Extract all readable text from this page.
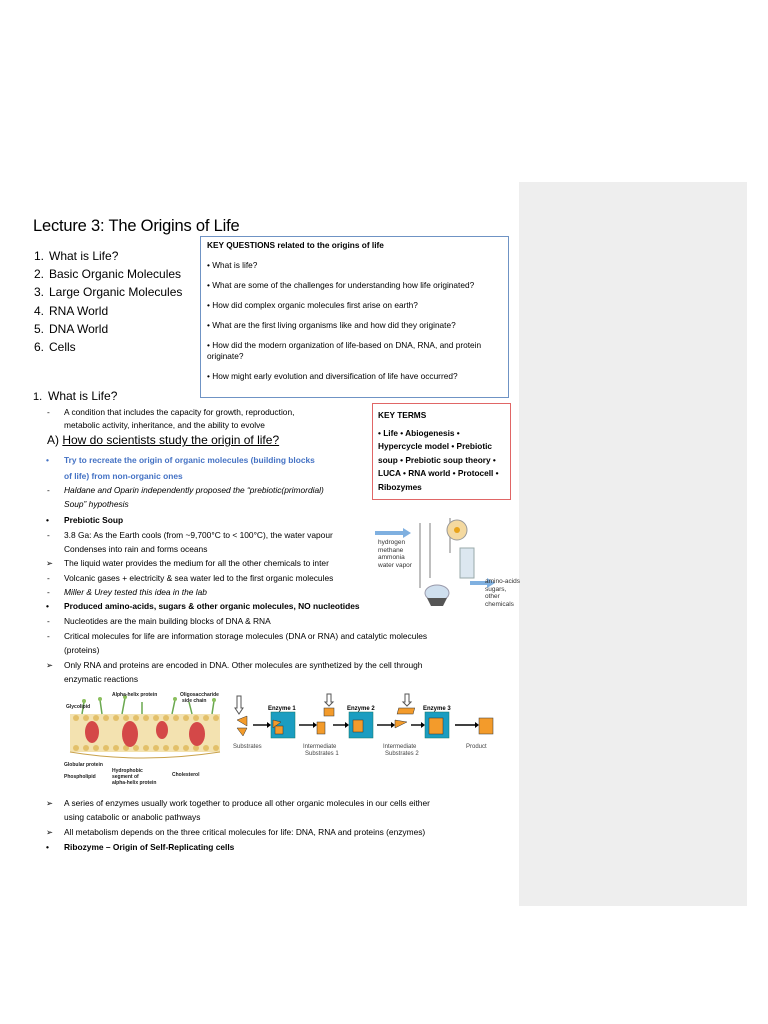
Lecture 3: The Origins of Life
1. What is Life?
2. Basic Organic Molecules
3. Large Organic Molecules
4. RNA World
5. DNA World
6. Cells

KEY QUESTIONS related to the origins of life

• What is life?

• What are some of the challenges for understanding how life originated?

• How did complex organic molecules first arise on earth?

• What are the first living organisms like and how did they originate?

• How did the modern organization of life-based on DNA, RNA, and protein originate?

• How might early evolution and diversification of life have occurred?

KEY TERMS
• Life • Abiogenesis • Hypercycle model • Prebiotic soup • Prebiotic soup theory • LUCA • RNA world • Protocell • Ribozymes
1. What is Life?
- A condition that includes the capacity for growth, reproduction,
metabolic activity, inheritance, and the ability to evolve
A) How do scientists study the origin of life?
• Try to recreate the origin of organic molecules (building blocks
of life) from non-organic ones
- Haldane and Oparin independently proposed the “prebiotic(primordial)
Soup” hypothesis
• Prebiotic Soup
- 3.8 Ga: As the Earth cools (from ~9,700°C to < 100°C), the water vapour
Condenses into rain and forms oceans
➢ The liquid water provides the medium for all the other chemicals to inter
- Volcanic gases + electricity & sea water led to the first organic molecules
- Miller & Urey tested this idea in the lab
• Produced amino-acids, sugars & other organic molecules, NO nucleotides
- Nucleotides are the main building blocks of DNA & RNA
- Critical molecules for life are information storage molecules (DNA or RNA) and catalytic molecules
(proteins)
➢ Only RNA and proteins are encoded in DNA. Other molecules are synthetized by the cell through
enzymatic reactions
➢ A series of enzymes usually work together to produce all other organic molecules in our cells either
using catabolic or anabolic pathways
➢ All metabolism depends on the three critical molecules for life: DNA, RNA and proteins (enzymes)
• Ribozyme – Origin of Self-Replicating cells
hydrogen
methane
ammonia
water vapor
amino-acids
sugars,
other
chemicals
Alpha-helix protein	Oligosaccharide
side chain
Glycolipid
Globular protein
Phospholipid
Hydrophobic
segment of
alpha-helix protein
Cholesterol
Enzyme 1	Enzyme 2	Enzyme 3
Substrates	Intermediate
Substrates 1
Intermediate
Substrates 2
Product
